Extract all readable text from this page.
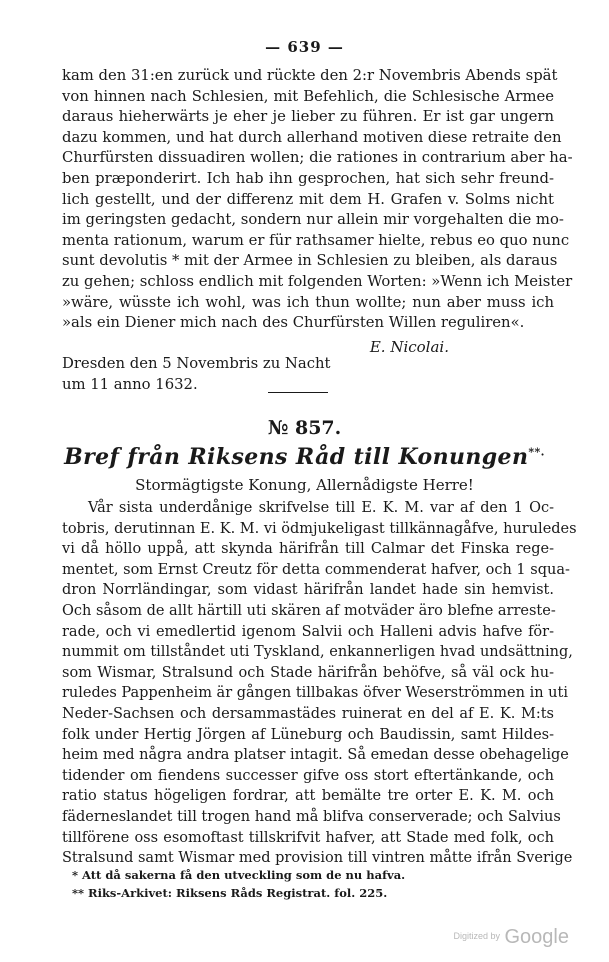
— 639 —
kam den 31:en zurück und rückte den 2:r Novembris Abends spät
von hinnen nach Schlesien, mit Befehlich, die Schlesische Armee
daraus hieherwärts je eher je lieber zu führen. Er ist gar ungern
dazu kommen, und hat durch allerhand motiven diese retraite den
Churfürsten dissuadiren wollen; die rationes in contrarium aber ha-
ben præponderirt. Ich hab ihn gesprochen, hat sich sehr freund-
lich gestellt, und der differenz mit dem H. Grafen v. Solms nicht
im geringsten gedacht, sondern nur allein mir vorgehalten die mo-
menta rationum, warum er für rathsamer hielte, rebus eo quo nunc
sunt devolutis * mit der Armee in Schlesien zu bleiben, als daraus
zu gehen; schloss endlich mit folgenden Worten: »Wenn ich Meister
»wäre, wüsste ich wohl, was ich thun wollte; nun aber muss ich
»als ein Diener mich nach des Churfürsten Willen reguliren«.
E. Nicolai.
Dresden den 5 Novembris zu Nacht
um 11 anno 1632.
№ 857.
Bref från Riksens Råd till Konungen**.
Stormägtigste Konung, Allernådigste Herre!
Vår sista underdånige skrifvelse till E. K. M. var af den 1 Oc-
tobris, derutinnan E. K. M. vi ödmjukeligast tillkännagåfve, huruledes
vi då höllo uppå, att skynda härifrån till Calmar det Finska rege-
mentet, som Ernst Creutz för detta commenderat hafver, och 1 squa-
dron Norrländingar, som vidast härifrån landet hade sin hemvist.
Och såsom de allt härtill uti skären af motväder äro blefne arreste-
rade, och vi emedlertid igenom Salvii och Halleni advis hafve för-
nummit om tillståndet uti Tyskland, enkannerligen hvad undsättning,
som Wismar, Stralsund och Stade härifrån behöfve, så väl ock hu-
ruledes Pappenheim är gången tillbakas öfver Weserströmmen in uti
Neder-Sachsen och dersammastädes ruinerat en del af E. K. M:ts
folk under Hertig Jörgen af Lüneburg och Baudissin, samt Hildes-
heim med några andra platser intagit. Så emedan desse obehagelige
tidender om fiendens successer gifve oss stort eftertänkande, och
ratio status högeligen fordrar, att bemälte tre orter E. K. M. och
fäderneslandet till trogen hand må blifva conserverade; och Salvius
tillförene oss esomoftast tillskrifvit hafver, att Stade med folk, och
Stralsund samt Wismar med provision till vintren måtte ifrån Sverige
* Att då sakerna få den utveckling som de nu hafva.
** Riks-Arkivet: Riksens Råds Registrat. fol. 225.
$^{Digitized by}$ Google
